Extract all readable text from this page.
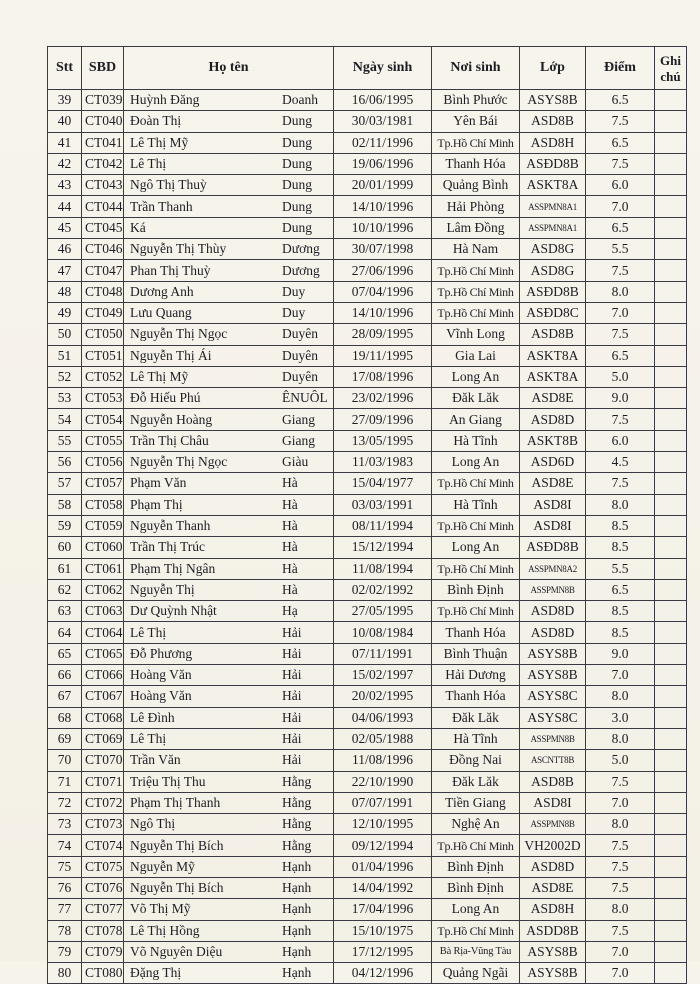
Stt	SBD	Họ tên	Ngày sinh	Nơi sinh	Lớp	Điểm	Ghi chú
39	CT039	Huỳnh Đăng Doanh	16/06/1995	Bình Phước	ASYS8B	6.5	
40	CT040	Đoàn Thị Dung	30/03/1981	Yên Bái	ASD8B	7.5	
41	CT041	Lê Thị Mỹ Dung	02/11/1996	Tp.Hồ Chí Minh	ASD8H	6.5	
42	CT042	Lê Thị Dung	19/06/1996	Thanh Hóa	ASĐD8B	7.5	
43	CT043	Ngô Thị Thuỳ Dung	20/01/1999	Quảng Bình	ASKT8A	6.0	
44	CT044	Trần Thanh Dung	14/10/1996	Hải Phòng	ASSPMN8A1	7.0	
45	CT045	Ká Dung	10/10/1996	Lâm Đồng	ASSPMN8A1	6.5	
46	CT046	Nguyễn Thị Thùy Dương	30/07/1998	Hà Nam	ASD8G	5.5	
47	CT047	Phan Thị Thuỳ Dương	27/06/1996	Tp.Hồ Chí Minh	ASD8G	7.5	
48	CT048	Dương Anh Duy	07/04/1996	Tp.Hồ Chí Minh	ASĐD8B	8.0	
49	CT049	Lưu Quang Duy	14/10/1996	Tp.Hồ Chí Minh	ASĐD8C	7.0	
50	CT050	Nguyễn Thị Ngọc Duyên	28/09/1995	Vĩnh Long	ASD8B	7.5	
51	CT051	Nguyễn Thị Ái Duyên	19/11/1995	Gia Lai	ASKT8A	6.5	
52	CT052	Lê Thị Mỹ Duyên	17/08/1996	Long An	ASKT8A	5.0	
53	CT053	Đỗ Hiếu Phú ÊNUÔL	23/02/1996	Đăk Lăk	ASD8E	9.0	
54	CT054	Nguyễn Hoàng Giang	27/09/1996	An Giang	ASD8D	7.5	
55	CT055	Trần Thị Châu Giang	13/05/1995	Hà Tĩnh	ASKT8B	6.0	
56	CT056	Nguyễn Thị Ngọc Giàu	11/03/1983	Long An	ASD6D	4.5	
57	CT057	Phạm Văn Hà	15/04/1977	Tp.Hồ Chí Minh	ASD8E	7.5	
58	CT058	Phạm Thị Hà	03/03/1991	Hà Tĩnh	ASD8I	8.0	
59	CT059	Nguyễn Thanh Hà	08/11/1994	Tp.Hồ Chí Minh	ASD8I	8.5	
60	CT060	Trần Thị Trúc Hà	15/12/1994	Long An	ASĐD8B	8.5	
61	CT061	Phạm Thị Ngân Hà	11/08/1994	Tp.Hồ Chí Minh	ASSPMN8A2	5.5	
62	CT062	Nguyễn Thị Hà	02/02/1992	Bình Định	ASSPMN8B	6.5	
63	CT063	Dư Quỳnh Nhật Hạ	27/05/1995	Tp.Hồ Chí Minh	ASD8D	8.5	
64	CT064	Lê Thị Hải	10/08/1984	Thanh Hóa	ASD8D	8.5	
65	CT065	Đỗ Phương Hải	07/11/1991	Bình Thuận	ASYS8B	9.0	
66	CT066	Hoàng Văn Hải	15/02/1997	Hải Dương	ASYS8B	7.0	
67	CT067	Hoàng Văn Hải	20/02/1995	Thanh Hóa	ASYS8C	8.0	
68	CT068	Lê Đình Hải	04/06/1993	Đăk Lăk	ASYS8C	3.0	
69	CT069	Lê Thị Hải	02/05/1988	Hà Tĩnh	ASSPMN8B	8.0	
70	CT070	Trần Văn Hải	11/08/1996	Đồng Nai	ASCNTT8B	5.0	
71	CT071	Triệu Thị Thu Hằng	22/10/1990	Đăk Lăk	ASD8B	7.5	
72	CT072	Phạm Thị Thanh Hằng	07/07/1991	Tiền Giang	ASD8I	7.0	
73	CT073	Ngô Thị Hằng	12/10/1995	Nghệ An	ASSPMN8B	8.0	
74	CT074	Nguyễn Thị Bích Hằng	09/12/1994	Tp.Hồ Chí Minh	VH2002D	7.5	
75	CT075	Nguyễn Mỹ Hạnh	01/04/1996	Bình Định	ASD8D	7.5	
76	CT076	Nguyễn Thị Bích Hạnh	14/04/1992	Bình Định	ASD8E	7.5	
77	CT077	Võ Thị Mỹ Hạnh	17/04/1996	Long An	ASD8H	8.0	
78	CT078	Lê Thị Hồng Hạnh	15/10/1975	Tp.Hồ Chí Minh	ASDD8B	7.5	
79	CT079	Võ Nguyên Diệu Hạnh	17/12/1995	Bà Rịa-Vũng Tàu	ASYS8B	7.0	
80	CT080	Đặng Thị Hạnh	04/12/1996	Quảng Ngãi	ASYS8B	7.0	
